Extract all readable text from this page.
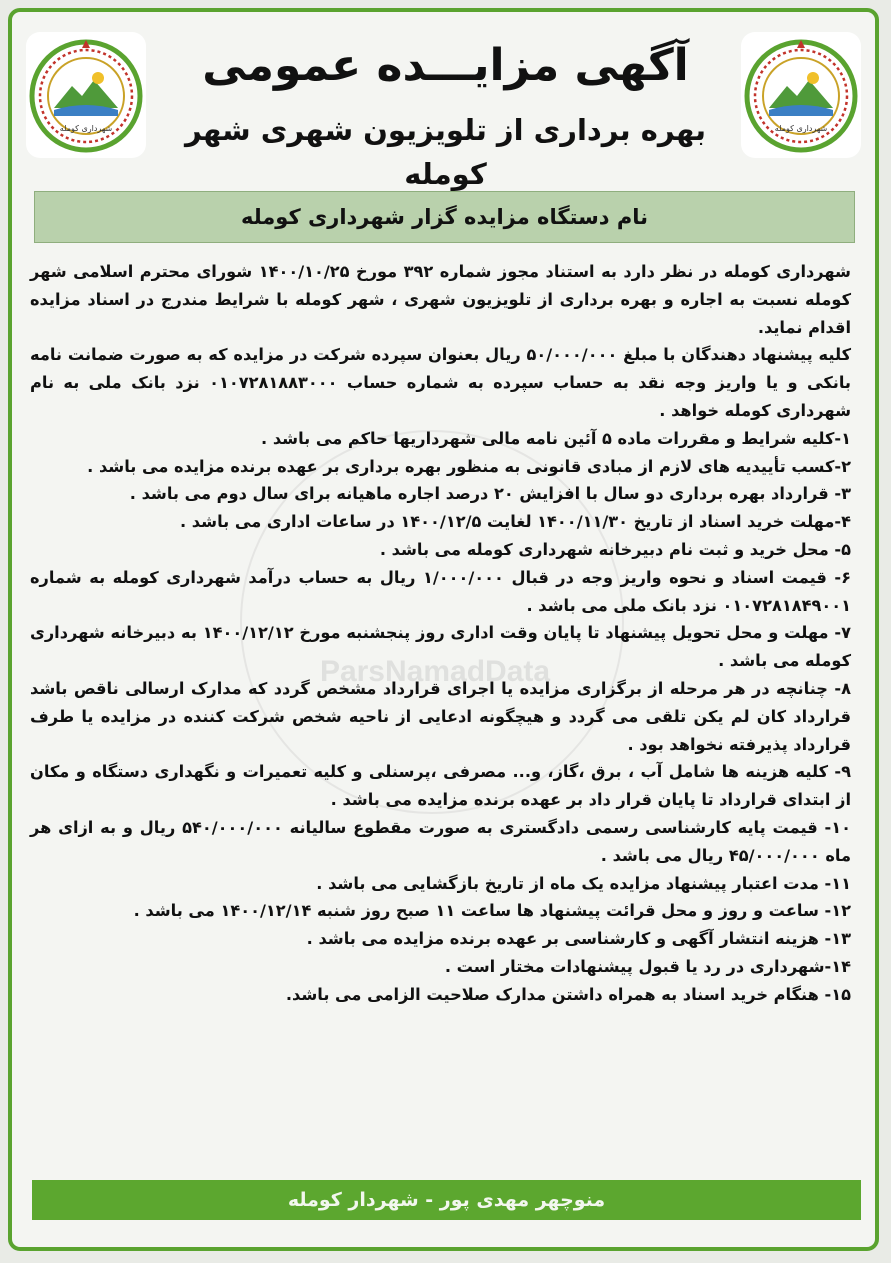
شهرداری کومله
شهرداری کومله
آگهی مزایـــده عمومی
بهره برداری از تلویزیون شهری شهر کومله
نام دستگاه مزایده گزار شهرداری کومله
ParsNamadData

شهرداری کومله در نظر دارد به استناد مجوز شماره ۳۹۲ مورخ ۱۴۰۰/۱۰/۲۵ شورای محترم اسلامی شهر کومله نسبت به اجاره و بهره برداری از تلویزیون شهری ، شهر کومله با شرایط مندرج در اسناد مزایده اقدام نماید.

کلیه پیشنهاد دهندگان با مبلغ ۵۰/۰۰۰/۰۰۰ ریال بعنوان سپرده شرکت در مزایده که به صورت ضمانت نامه بانکی و یا واریز وجه نقد به حساب سپرده به شماره حساب ۰۱۰۷۲۸۱۸۸۳۰۰۰ نزد بانک ملی به نام شهرداری کومله خواهد .

۱-کلیه شرایط و مقررات ماده ۵ آئین نامه مالی شهرداریها حاکم می باشد .

۲-کسب تأییدیه های لازم از مبادی قانونی به منظور بهره برداری بر عهده برنده مزایده می باشد .

۳- قرارداد بهره برداری دو سال با افزایش ۲۰ درصد اجاره ماهیانه برای سال دوم می باشد .

۴-مهلت خرید اسناد از تاریخ ۱۴۰۰/۱۱/۳۰ لغایت ۱۴۰۰/۱۲/۵ در ساعات اداری می باشد .

۵- محل خرید و ثبت نام دبیرخانه شهرداری کومله می باشد .

۶- قیمت اسناد و نحوه واریز وجه در قبال ۱/۰۰۰/۰۰۰ ریال به حساب درآمد شهرداری کومله به شماره ۰۱۰۷۲۸۱۸۴۹۰۰۱ نزد بانک ملی می باشد .

۷- مهلت و محل تحویل پیشنهاد تا پایان وقت اداری روز پنجشنبه مورخ ۱۴۰۰/۱۲/۱۲ به دبیرخانه شهرداری کومله می باشد .

۸- چنانچه در هر مرحله از برگزاری مزایده یا اجرای قرارداد مشخص گردد که مدارک ارسالی ناقص باشد قرارداد کان لم یکن تلقی می گردد و هیچگونه ادعایی از ناحیه شخص شرکت کننده در مزایده یا طرف قرارداد پذیرفته نخواهد بود .

۹- کلیه هزینه ها شامل آب ، برق ،گاز، و... مصرفی ،پرسنلی و کلیه تعمیرات و نگهداری دستگاه و مکان از ابتدای قرارداد تا پایان قرار داد بر عهده برنده مزایده می باشد .

۱۰- قیمت پایه کارشناسی رسمی دادگستری به صورت مقطوع سالیانه ۵۴۰/۰۰۰/۰۰۰ ریال و به ازای هر ماه ۴۵/۰۰۰/۰۰۰ ریال می باشد .

۱۱- مدت اعتبار پیشنهاد مزایده یک ماه از تاریخ بازگشایی می باشد .

۱۲- ساعت و روز و محل قرائت پیشنهاد ها ساعت ۱۱ صبح روز شنبه ۱۴۰۰/۱۲/۱۴ می باشد .

۱۳- هزینه انتشار آگهی و کارشناسی بر عهده برنده مزایده می باشد .

۱۴-شهرداری در رد یا قبول پیشنهادات مختار است .

۱۵- هنگام خرید اسناد به همراه داشتن مدارک صلاحیت الزامی می باشد.

منوچهر مهدی پور - شهردار کومله
